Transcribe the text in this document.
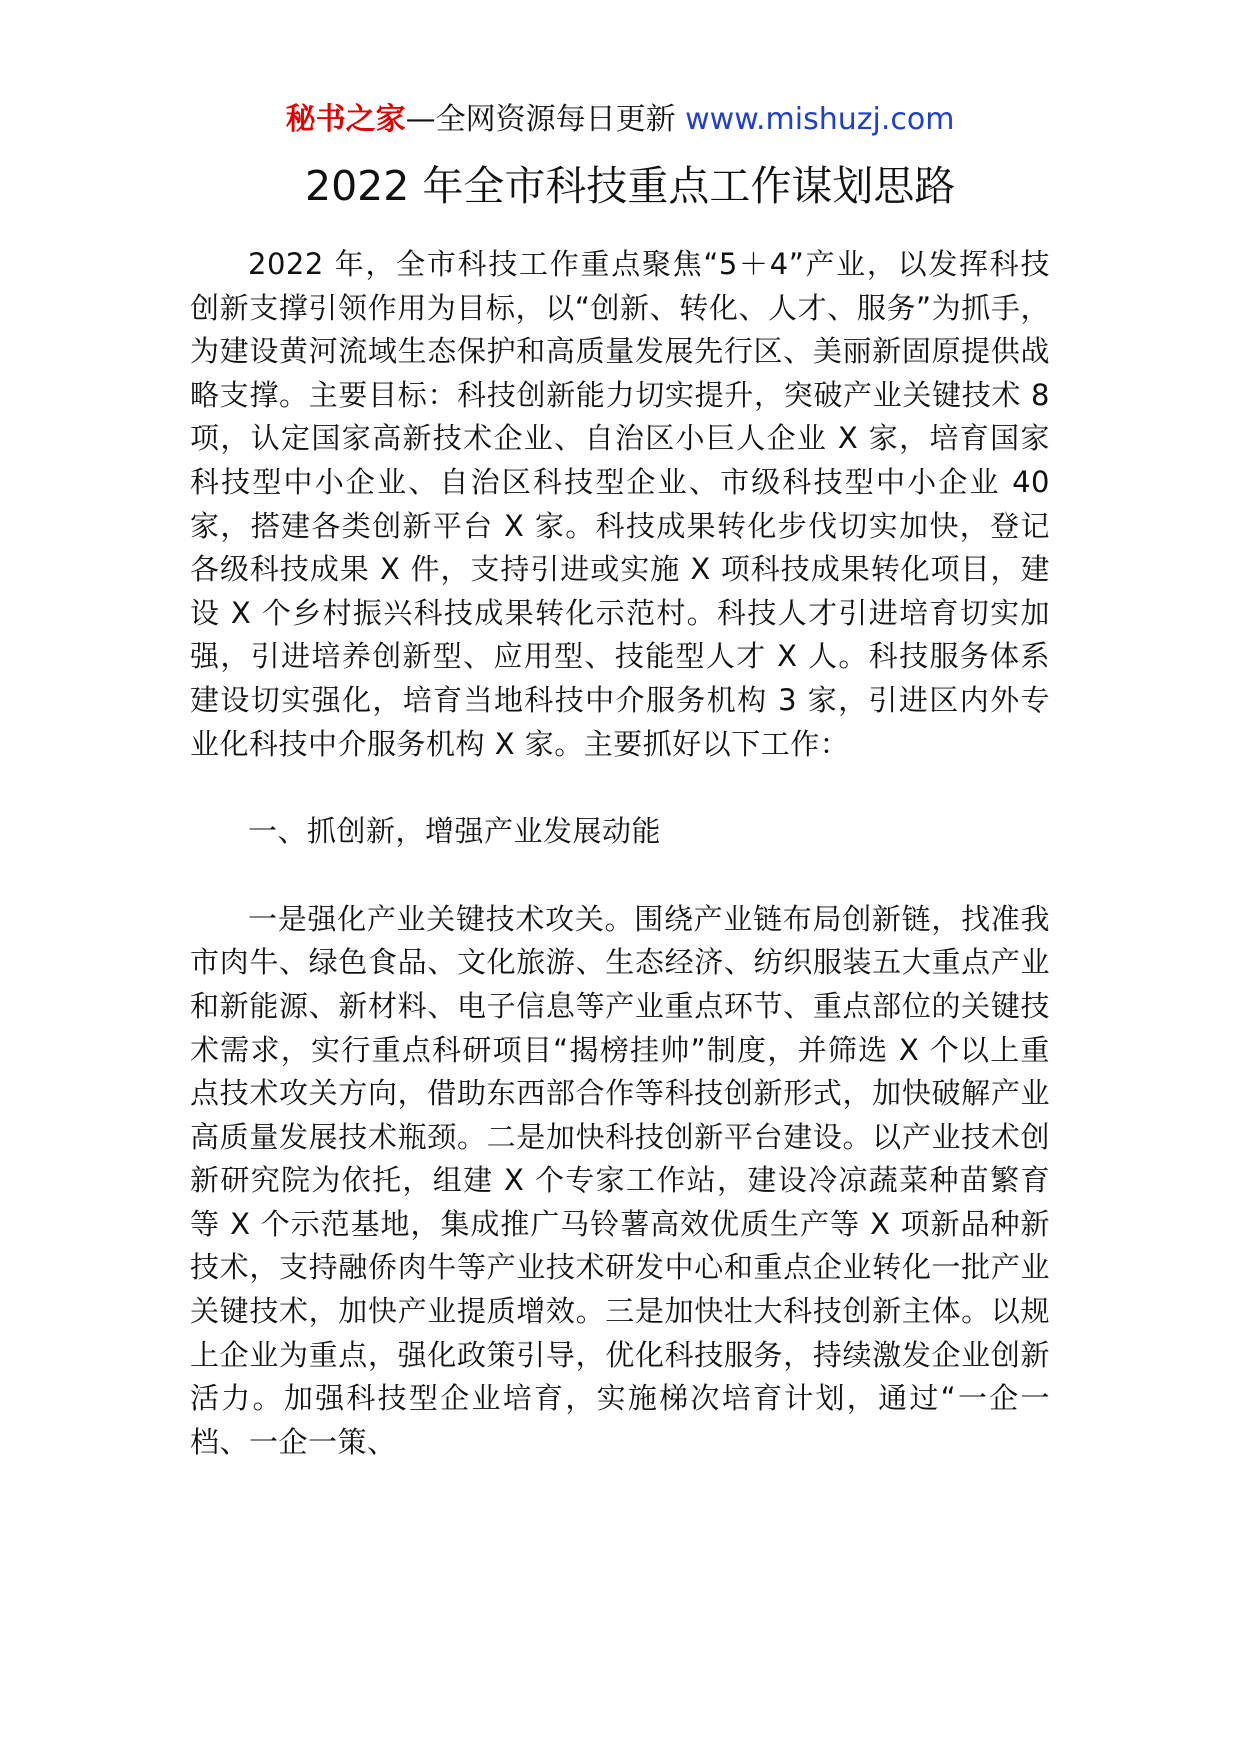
秘书之家—全网资源每日更新 www.mishuzj.com
2022 年全市科技重点工作谋划思路

2022 年，全市科技工作重点聚焦“5＋4”产业，以发挥科技创新支撑引领作用为目标，以“创新、转化、人才、服务”为抓手，为建设黄河流域生态保护和高质量发展先行区、美丽新固原提供战略支撑。主要目标：科技创新能力切实提升，突破产业关键技术 8 项，认定国家高新技术企业、自治区小巨人企业 X 家，培育国家科技型中小企业、自治区科技型企业、市级科技型中小企业 40 家，搭建各类创新平台 X 家。科技成果转化步伐切实加快，登记各级科技成果 X 件，支持引进或实施 X 项科技成果转化项目，建设 X 个乡村振兴科技成果转化示范村。科技人才引进培育切实加强，引进培养创新型、应用型、技能型人才 X 人。科技服务体系建设切实强化，培育当地科技中介服务机构 3 家，引进区内外专业化科技中介服务机构 X 家。主要抓好以下工作：

一、抓创新，增强产业发展动能

一是强化产业关键技术攻关。围绕产业链布局创新链，找准我市肉牛、绿色食品、文化旅游、生态经济、纺织服装五大重点产业和新能源、新材料、电子信息等产业重点环节、重点部位的关键技术需求，实行重点科研项目“揭榜挂帅”制度，并筛选 X 个以上重点技术攻关方向，借助东西部合作等科技创新形式，加快破解产业高质量发展技术瓶颈。二是加快科技创新平台建设。以产业技术创新研究院为依托，组建 X 个专家工作站，建设冷凉蔬菜种苗繁育等 X 个示范基地，集成推广马铃薯高效优质生产等 X 项新品种新技术，支持融侨肉牛等产业技术研发中心和重点企业转化一批产业关键技术，加快产业提质增效。三是加快壮大科技创新主体。以规上企业为重点，强化政策引导，优化科技服务，持续激发企业创新活力。加强科技型企业培育，实施梯次培育计划，通过“一企一档、一企一策、
